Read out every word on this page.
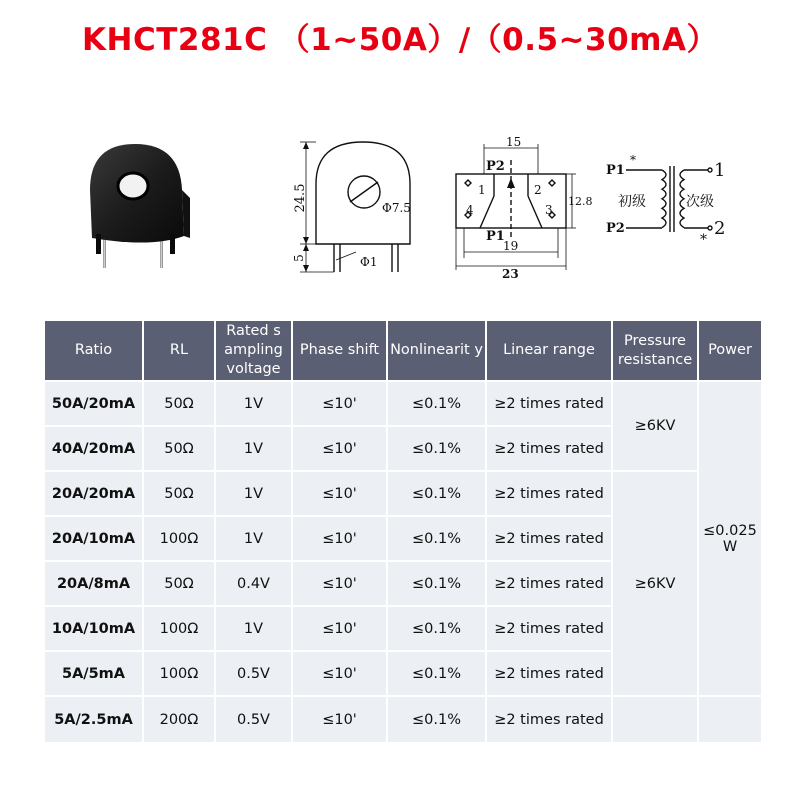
KHCT281C （1~50A）/（0.5~30mA）
24.5
5
Φ7.5
Φ1
15
P2
P1
1	2
3
4
12.8
19
23
P1
P2
*
*
初级	次级
1
2
Ratio	RL	Rated s ampling voltage	Phase shift	Nonlinearit y	Linear range	Pressure resistance	Power
50A/20mA	50Ω	1V	≤10'	≤0.1%	≥2 times rated	≥6KV	≤0.025 W
40A/20mA	50Ω	1V	≤10'	≤0.1%	≥2 times rated		
20A/20mA	50Ω	1V	≤10'	≤0.1%	≥2 times rated	≥6KV	
20A/10mA	100Ω	1V	≤10'	≤0.1%	≥2 times rated		
20A/8mA	50Ω	0.4V	≤10'	≤0.1%	≥2 times rated		
10A/10mA	100Ω	1V	≤10'	≤0.1%	≥2 times rated		
5A/5mA	100Ω	0.5V	≤10'	≤0.1%	≥2 times rated		
5A/2.5mA	200Ω	0.5V	≤10'	≤0.1%	≥2 times rated		
